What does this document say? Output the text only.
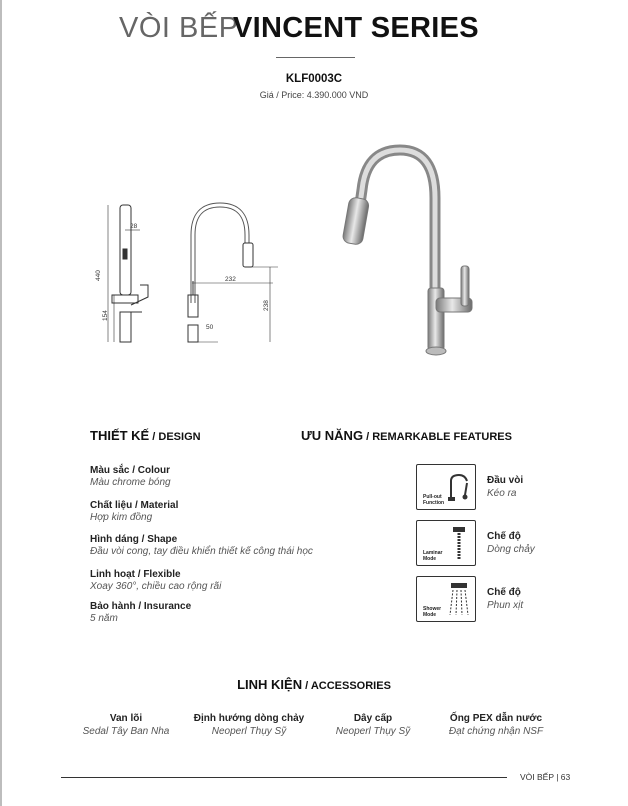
VÒI BẾP
VINCENT SERIES
KLF0003C
Giá / Price: 4.390.000 VND
28
440
154
232
238
50
THIẾT KẾ / DESIGN
Màu sắc / Colour
Màu chrome bóng
Chất liệu / Material
Hợp kim đồng
Hình dáng / Shape
Đầu vòi cong, tay điều khiển thiết kế công thái học
Linh hoạt / Flexible
Xoay 360°, chiều cao rộng rãi
Bảo hành / Insurance
5 năm
ƯU NĂNG / REMARKABLE FEATURES
Pull-out
Function
Đầu vòi
Kéo ra
Laminar
Mode
Chế độ
Dòng chảy
Shower
Mode
Chế độ
Phun xịt
LINH KIỆN / ACCESSORIES
Van lõi
Sedal Tây Ban Nha
Định hướng dòng chảy
Neoperl Thụy Sỹ
Dây cấp
Neoperl Thụy Sỹ
Ống PEX dẫn nước
Đạt chứng nhận NSF
VÒI BẾP | 63
